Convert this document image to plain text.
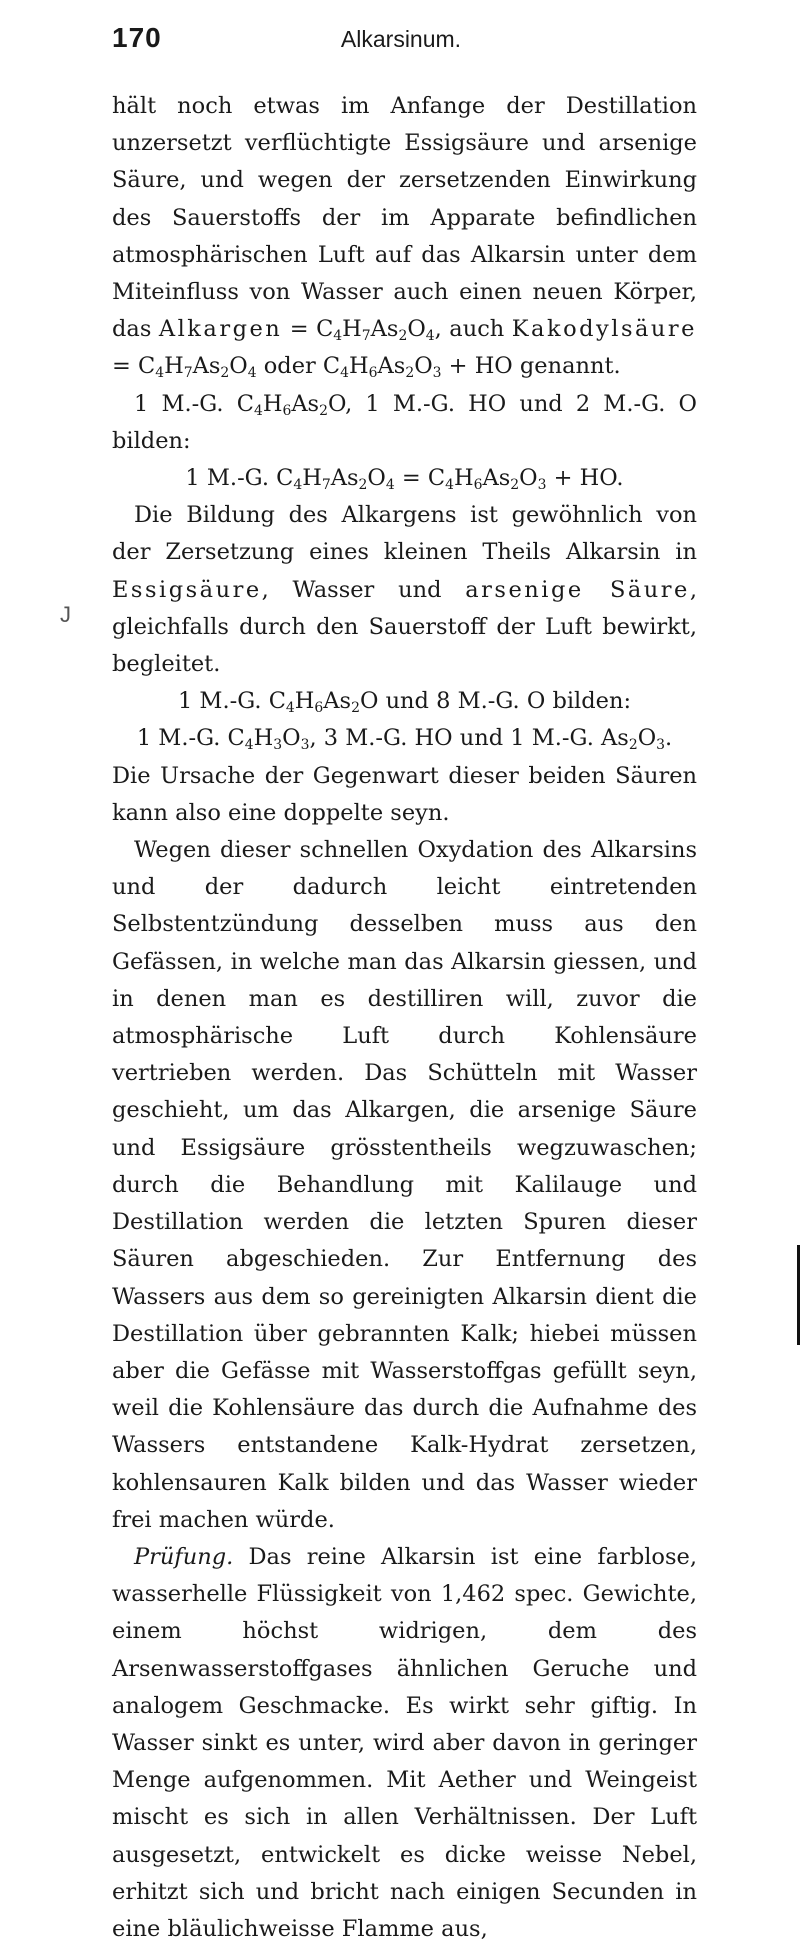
170	Alkarsinum.
J

hält noch etwas im Anfange der Destillation unzersetzt verflüchtigte Essigsäure und arsenige Säure, und wegen der zersetzenden Einwirkung des Sauerstoffs der im Apparate befindlichen atmosphärischen Luft auf das Alkarsin unter dem Miteinfluss von Wasser auch einen neuen Körper, das Alkargen = $C_4H_7As_2O_4$, auch Kakodylsäure = $C_4H_7As_2O_4$ oder $C_4H_6As_2O_3$ + HO genannt.

1 M.-G. $C_4H_6As_2O$, 1 M.-G. HO und 2 M.-G. O bilden:

1 M.-G. $C_4H_7As_2O_4 = C_4H_6As_2O_3$ + HO.

Die Bildung des Alkargens ist gewöhnlich von der Zersetzung eines kleinen Theils Alkarsin in Essigsäure, Wasser und arsenige Säure, gleichfalls durch den Sauerstoff der Luft bewirkt, begleitet.

1 M.-G. $C_4H_6As_2O$ und 8 M.-G. O bilden:

1 M.-G. $C_4H_3O_3$, 3 M.-G. HO und 1 M.-G. $As_2O_3$.

Die Ursache der Gegenwart dieser beiden Säuren kann also eine doppelte seyn.

Wegen dieser schnellen Oxydation des Alkarsins und der dadurch leicht eintretenden Selbstentzündung desselben muss aus den Gefässen, in welche man das Alkarsin giessen, und in denen man es destilliren will, zuvor die atmosphärische Luft durch Kohlensäure vertrieben werden. Das Schütteln mit Wasser geschieht, um das Alkargen, die arsenige Säure und Essigsäure grösstentheils wegzuwaschen; durch die Behandlung mit Kalilauge und Destillation werden die letzten Spuren dieser Säuren abgeschieden. Zur Entfernung des Wassers aus dem so gereinigten Alkarsin dient die Destillation über gebrannten Kalk; hiebei müssen aber die Gefässe mit Wasserstoffgas gefüllt seyn, weil die Kohlensäure das durch die Aufnahme des Wassers entstandene Kalk-Hydrat zersetzen, kohlensauren Kalk bilden und das Wasser wieder frei machen würde.

Prüfung. Das reine Alkarsin ist eine farblose, wasserhelle Flüssigkeit von 1,462 spec. Gewichte, einem höchst widrigen, dem des Arsenwasserstoffgases ähnlichen Geruche und analogem Geschmacke. Es wirkt sehr giftig. In Wasser sinkt es unter, wird aber davon in geringer Menge aufgenommen. Mit Aether und Weingeist mischt es sich in allen Verhältnissen. Der Luft ausgesetzt, entwickelt es dicke weisse Nebel, erhitzt sich und bricht nach einigen Secunden in eine bläulichweisse Flamme aus,
